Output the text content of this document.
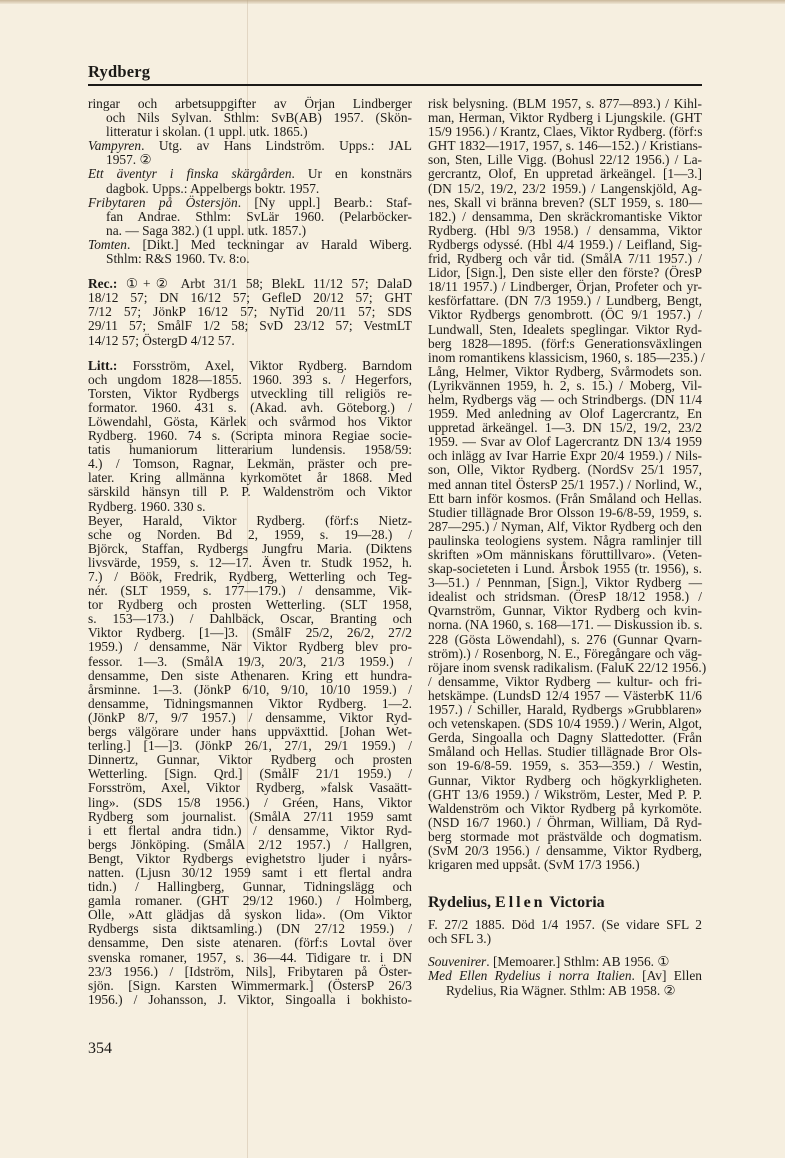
Rydberg
ringar och arbetsuppgifter av Örjan Lindberger
och Nils Sylvan. Sthlm: SvB(AB) 1957. (Skön-
litteratur i skolan. (1 uppl. utk. 1865.)
Vampyren. Utg. av Hans Lindström. Upps.: JAL
1957. ②
Ett äventyr i finska skärgården. Ur en konstnärs
dagbok. Upps.: Appelbergs boktr. 1957.
Fribytaren på Östersjön. [Ny uppl.] Bearb.: Staf-
fan Andrae. Sthlm: SvLär 1960. (Pelarböcker-
na. — Saga 382.) (1 uppl. utk. 1857.)
Tomten. [Dikt.] Med teckningar av Harald Wiberg.
Sthlm: R&S 1960. Tv. 8:o.
Rec.: ①+② Arbt 31/1 58; BlekL 11/12 57; DalaD
18/12 57; DN 16/12 57; GefleD 20/12 57; GHT
7/12 57; JönkP 16/12 57; NyTid 20/11 57; SDS
29/11 57; SmålF 1/2 58; SvD 23/12 57; VestmLT
14/12 57; ÖstergD 4/12 57.
Litt.: Forsström, Axel, Viktor Rydberg. Barndom
och ungdom 1828—1855. 1960. 393 s. / Hegerfors,
Torsten, Viktor Rydbergs utveckling till religiös re-
formator. 1960. 431 s. (Akad. avh. Göteborg.) /
Löwendahl, Gösta, Kärlek och svårmod hos Viktor
Rydberg. 1960. 74 s. (Scripta minora Regiae socie-
tatis humaniorum litterarium lundensis. 1958/59:
4.) / Tomson, Ragnar, Lekmän, präster och pre-
later. Kring allmänna kyrkomötet år 1868. Med
särskild hänsyn till P. P. Waldenström och Viktor
Rydberg. 1960. 330 s.
Beyer, Harald, Viktor Rydberg. (förf:s Nietz-
sche og Norden. Bd 2, 1959, s. 19—28.) /
Björck, Staffan, Rydbergs Jungfru Maria. (Diktens
livsvärde, 1959, s. 12—17. Även tr. Studk 1952, h.
7.) / Böök, Fredrik, Rydberg, Wetterling och Teg-
nér. (SLT 1959, s. 177—179.) / densamme, Vik-
tor Rydberg och prosten Wetterling. (SLT 1958,
s. 153—173.) / Dahlbäck, Oscar, Branting och
Viktor Rydberg. [1—]3. (SmålF 25/2, 26/2, 27/2
1959.) / densamme, När Viktor Rydberg blev pro-
fessor. 1—3. (SmålA 19/3, 20/3, 21/3 1959.) /
densamme, Den siste Athenaren. Kring ett hundra-
årsminne. 1—3. (JönkP 6/10, 9/10, 10/10 1959.) /
densamme, Tidningsmannen Viktor Rydberg. 1—2.
(JönkP 8/7, 9/7 1957.) / densamme, Viktor Ryd-
bergs välgörare under hans uppväxttid. [Johan Wet-
terling.] [1—]3. (JönkP 26/1, 27/1, 29/1 1959.) /
Dinnertz, Gunnar, Viktor Rydberg och prosten
Wetterling. [Sign. Qrd.] (SmålF 21/1 1959.) /
Forsström, Axel, Viktor Rydberg, »falsk Vasaätt-
ling». (SDS 15/8 1956.) / Gréen, Hans, Viktor
Rydberg som journalist. (SmålA 27/11 1959 samt
i ett flertal andra tidn.) / densamme, Viktor Ryd-
bergs Jönköping. (SmålA 2/12 1957.) / Hallgren,
Bengt, Viktor Rydbergs evighetstro ljuder i nyårs-
natten. (Ljusn 30/12 1959 samt i ett flertal andra
tidn.) / Hallingberg, Gunnar, Tidningslägg och
gamla romaner. (GHT 29/12 1960.) / Holmberg,
Olle, »Att glädjas då syskon lida». (Om Viktor
Rydbergs sista diktsamling.) (DN 27/12 1959.) /
densamme, Den siste atenaren. (förf:s Lovtal över
svenska romaner, 1957, s. 36—44. Tidigare tr. i DN
23/3 1956.) / [Idström, Nils], Fribytaren på Öster-
sjön. [Sign. Karsten Wimmermark.] (ÖstersP 26/3
1956.) / Johansson, J. Viktor, Singoalla i bokhisto-
risk belysning. (BLM 1957, s. 877—893.) / Kihl-
man, Herman, Viktor Rydberg i Ljungskile. (GHT
15/9 1956.) / Krantz, Claes, Viktor Rydberg. (förf:s
GHT 1832—1917, 1957, s. 146—152.) / Kristians-
son, Sten, Lille Vigg. (Bohusl 22/12 1956.) / La-
gercrantz, Olof, En uppretad ärkeängel. [1—3.]
(DN 15/2, 19/2, 23/2 1959.) / Langenskjöld, Ag-
nes, Skall vi bränna breven? (SLT 1959, s. 180—
182.) / densamma, Den skräckromantiske Viktor
Rydberg. (Hbl 9/3 1958.) / densamma, Viktor
Rydbergs odyssé. (Hbl 4/4 1959.) / Leifland, Sig-
frid, Rydberg och vår tid. (SmålA 7/11 1957.) /
Lidor, [Sign.], Den siste eller den förste? (ÖresP
18/11 1957.) / Lindberger, Örjan, Profeter och yr-
kesförfattare. (DN 7/3 1959.) / Lundberg, Bengt,
Viktor Rydbergs genombrott. (ÖC 9/1 1957.) /
Lundwall, Sten, Idealets speglingar. Viktor Ryd-
berg 1828—1895. (förf:s Generationsväxlingen
inom romantikens klassicism, 1960, s. 185—235.) /
Lång, Helmer, Viktor Rydberg, Svårmodets son.
(Lyrikvännen 1959, h. 2, s. 15.) / Moberg, Vil-
helm, Rydbergs väg — och Strindbergs. (DN 11/4
1959. Med anledning av Olof Lagercrantz, En
uppretad ärkeängel. 1—3. DN 15/2, 19/2, 23/2
1959. — Svar av Olof Lagercrantz DN 13/4 1959
och inlägg av Ivar Harrie Expr 20/4 1959.) / Nils-
son, Olle, Viktor Rydberg. (NordSv 25/1 1957,
med annan titel ÖstersP 25/1 1957.) / Norlind, W.,
Ett barn inför kosmos. (Från Småland och Hellas.
Studier tillägnade Bror Olsson 19-6/8-59, 1959, s.
287—295.) / Nyman, Alf, Viktor Rydberg och den
paulinska teologiens system. Några ramlinjer till
skriften »Om människans föruttillvaro». (Veten-
skap-societeten i Lund. Årsbok 1955 (tr. 1956), s.
3—51.) / Pennman, [Sign.], Viktor Rydberg —
idealist och stridsman. (ÖresP 18/12 1958.) /
Qvarnström, Gunnar, Viktor Rydberg och kvin-
norna. (NA 1960, s. 168—171. — Diskussion ib. s.
228 (Gösta Löwendahl), s. 276 (Gunnar Qvarn-
ström).) / Rosenborg, N. E., Föregångare och väg-
röjare inom svensk radikalism. (FaluK 22/12 1956.)
/ densamme, Viktor Rydberg — kultur- och fri-
hetskämpe. (LundsD 12/4 1957 — VästerbK 11/6
1957.) / Schiller, Harald, Rydbergs »Grubblaren»
och vetenskapen. (SDS 10/4 1959.) / Werin, Algot,
Gerda, Singoalla och Dagny Slattedotter. (Från
Småland och Hellas. Studier tillägnade Bror Ols-
son 19-6/8-59. 1959, s. 353—359.) / Westin,
Gunnar, Viktor Rydberg och högkyrkligheten.
(GHT 13/6 1959.) / Wikström, Lester, Med P. P.
Waldenström och Viktor Rydberg på kyrkomöte.
(NSD 16/7 1960.) / Öhrman, William, Då Ryd-
berg stormade mot prästvälde och dogmatism.
(SvM 20/3 1956.) / densamme, Viktor Rydberg,
krigaren med uppsåt. (SvM 17/3 1956.)
Rydelius, Ellen Victoria
F. 27/2 1885. Död 1/4 1957. (Se vidare SFL 2
och SFL 3.)
Souvenirer. [Memoarer.] Sthlm: AB 1956. ①
Med Ellen Rydelius i norra Italien. [Av] Ellen
Rydelius, Ria Wägner. Sthlm: AB 1958. ②
354
